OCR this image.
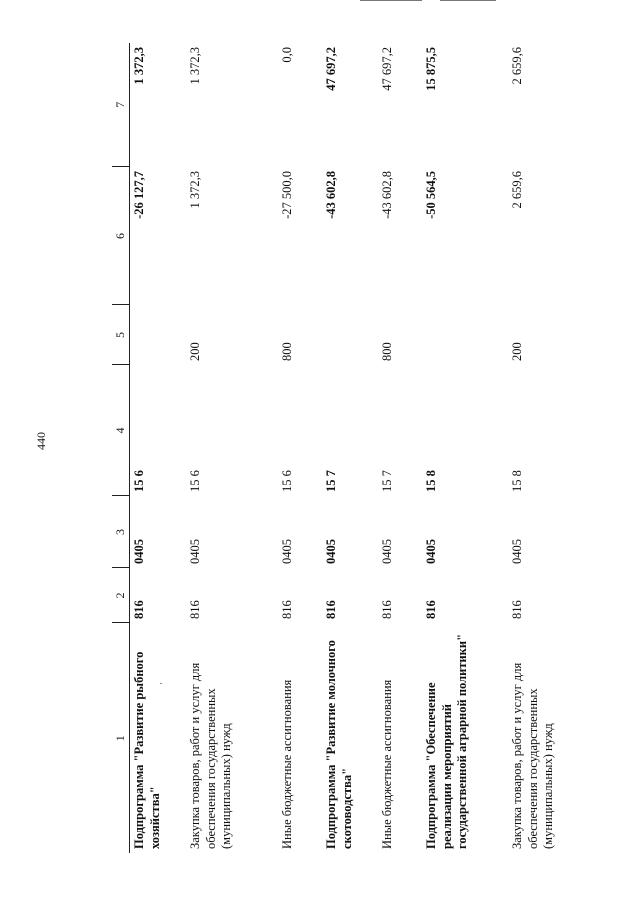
440
1	2	3	4	5	6	7
Подпрограмма "Развитие рыбного хозяйства"	816	0405	15 6		-26 127,7	1 372,3
Закупка товаров, работ и услуг для обеспечения государственных (муниципальных) нужд	816	0405	15 6	200	1 372,3	1 372,3
Иные бюджетные ассигнования	816	0405	15 6	800	-27 500,0	0,0
Подпрограмма "Развитие молочного скотоводства"	816	0405	15 7		-43 602,8	47 697,2
Иные бюджетные ассигнования	816	0405	15 7	800	-43 602,8	47 697,2
Подпрограмма "Обеспечение реализации мероприятий государственной аграрной политики"	816	0405	15 8		-50 564,5	15 875,5
Закупка товаров, работ и услуг для обеспечения государственных (муниципальных) нужд	816	0405	15 8	200	2 659,6	2 659,6
